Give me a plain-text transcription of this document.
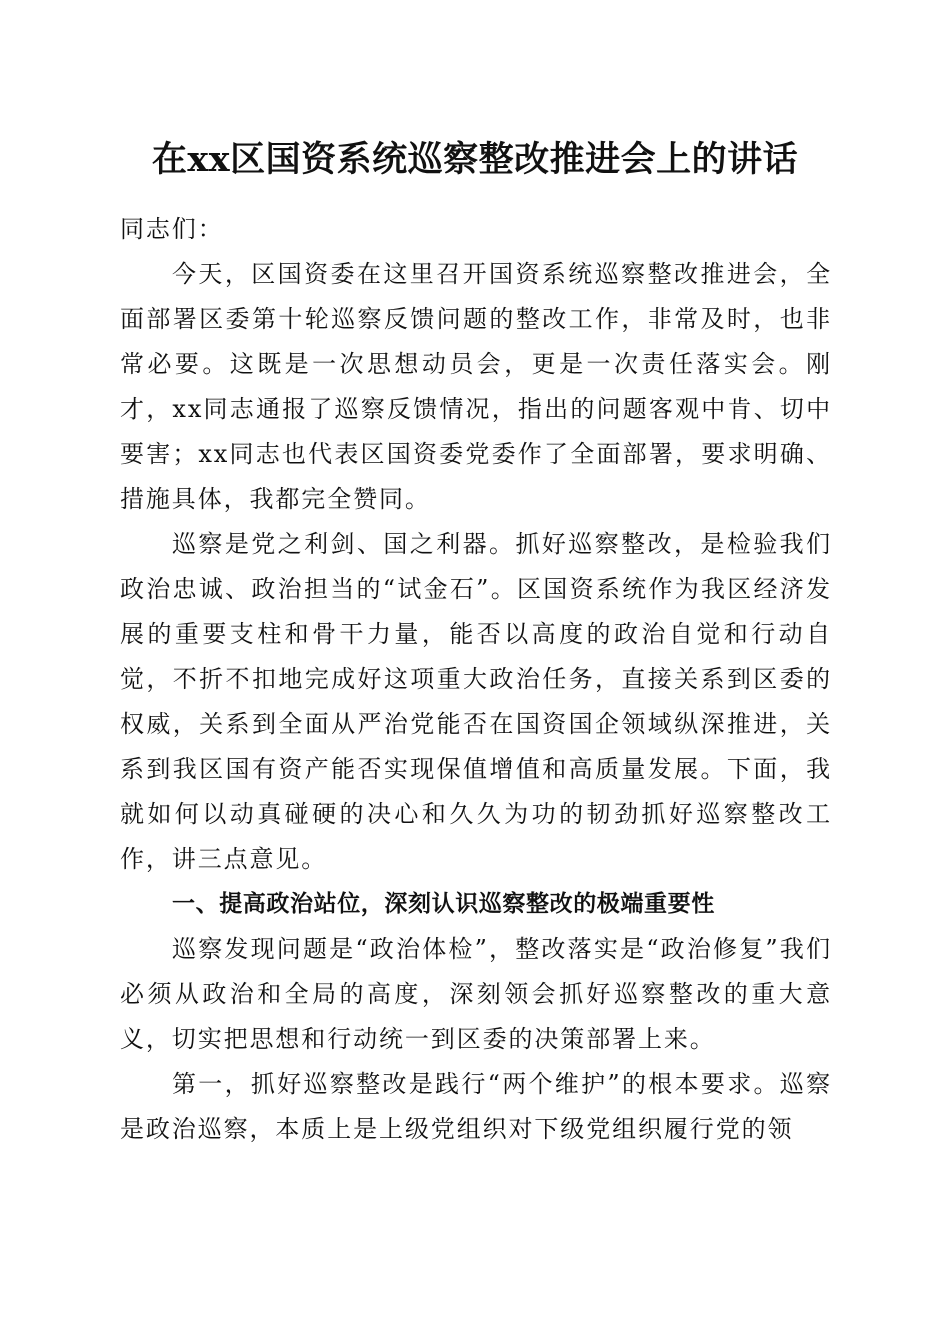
在xx区国资系统巡察整改推进会上的讲话

同志们：

今天，区国资委在这里召开国资系统巡察整改推进会，全面部署区委第十轮巡察反馈问题的整改工作，非常及时，也非常必要。这既是一次思想动员会，更是一次责任落实会。刚才，xx同志通报了巡察反馈情况，指出的问题客观中肯、切中要害；xx同志也代表区国资委党委作了全面部署，要求明确、措施具体，我都完全赞同。

巡察是党之利剑、国之利器。抓好巡察整改，是检验我们政治忠诚、政治担当的“试金石”。区国资系统作为我区经济发展的重要支柱和骨干力量，能否以高度的政治自觉和行动自觉，不折不扣地完成好这项重大政治任务，直接关系到区委的权威，关系到全面从严治党能否在国资国企领域纵深推进，关系到我区国有资产能否实现保值增值和高质量发展。下面，我就如何以动真碰硬的决心和久久为功的韧劲抓好巡察整改工作，讲三点意见。

一、提高政治站位，深刻认识巡察整改的极端重要性

巡察发现问题是“政治体检”，整改落实是“政治修复”我们必须从政治和全局的高度，深刻领会抓好巡察整改的重大意义，切实把思想和行动统一到区委的决策部署上来。

第一，抓好巡察整改是践行“两个维护”的根本要求。巡察是政治巡察，本质上是上级党组织对下级党组织履行党的领
